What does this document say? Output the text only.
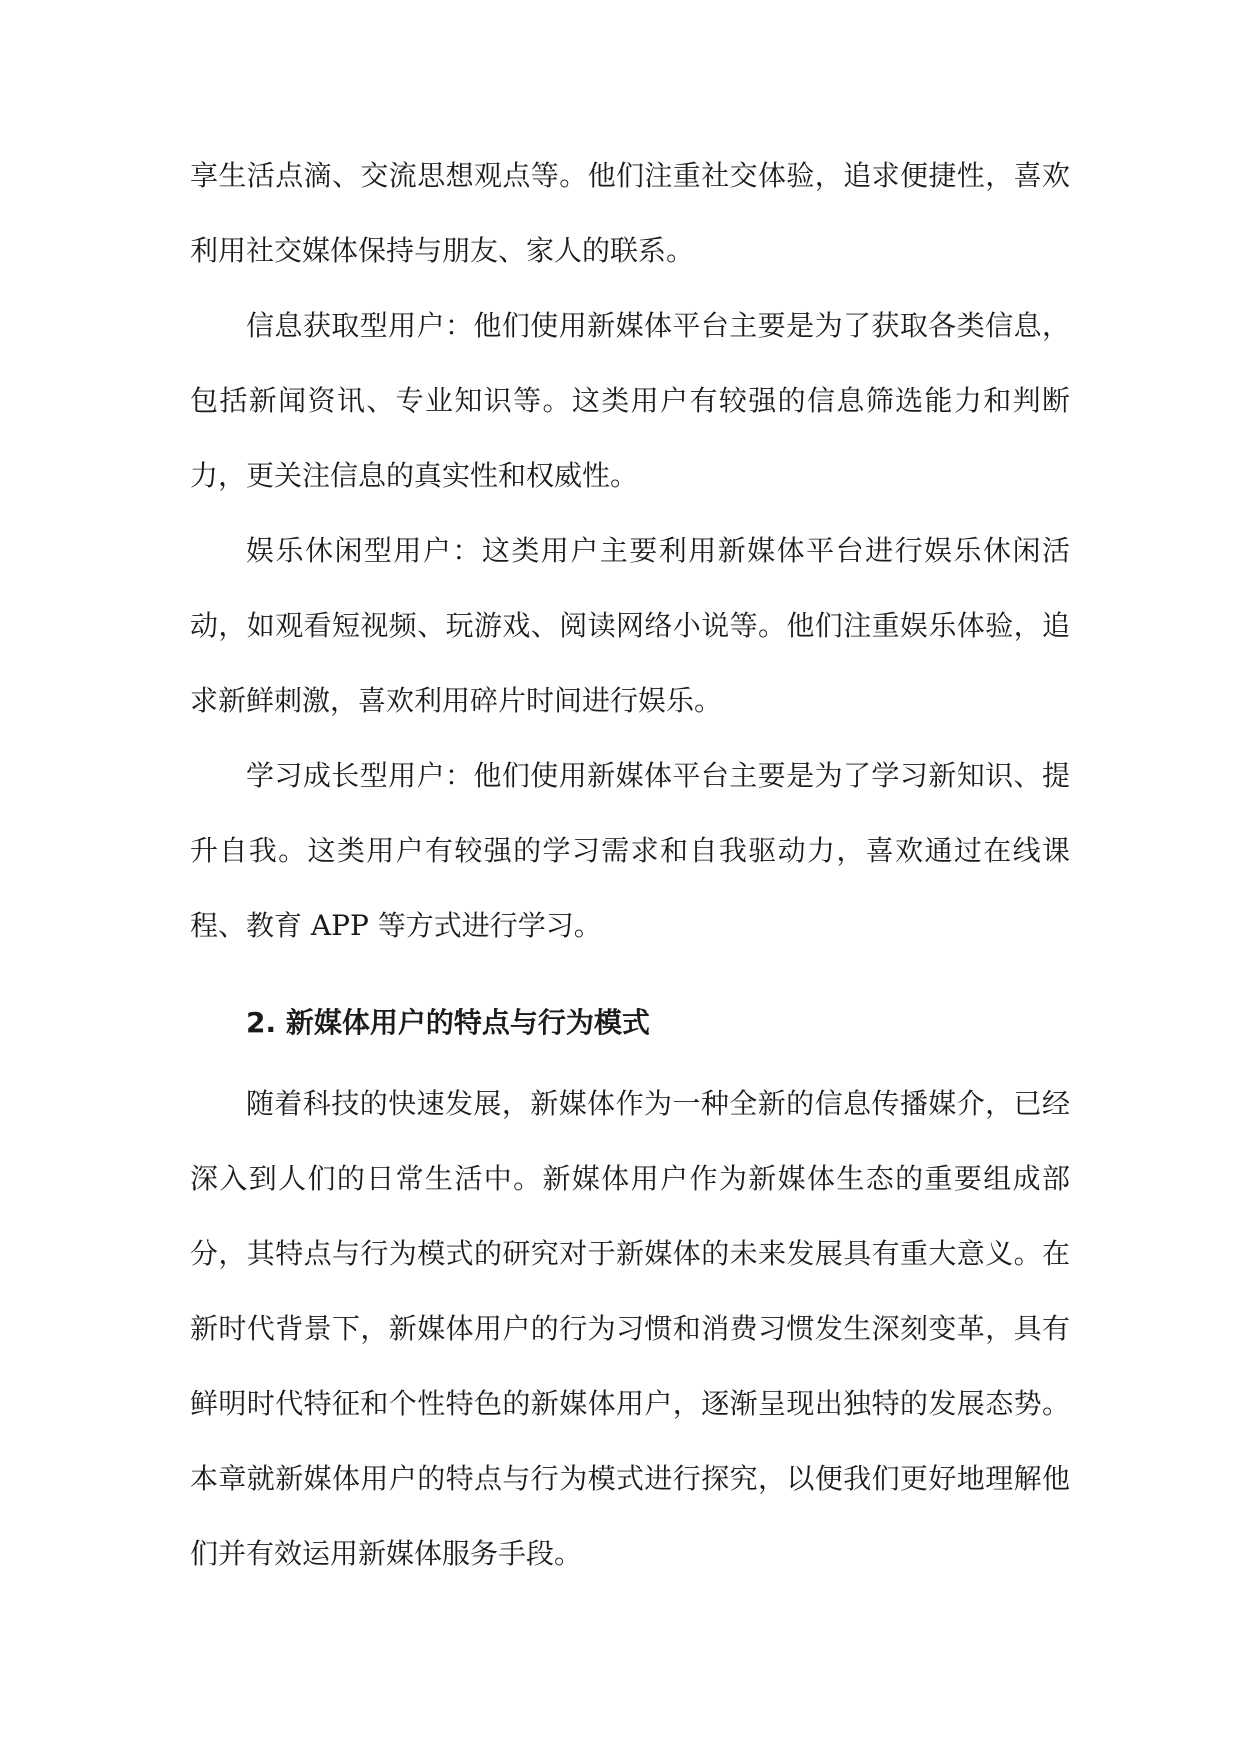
享生活点滴、交流思想观点等。他们注重社交体验，追求便捷性，喜欢利用社交媒体保持与朋友、家人的联系。

信息获取型用户：他们使用新媒体平台主要是为了获取各类信息，包括新闻资讯、专业知识等。这类用户有较强的信息筛选能力和判断力，更关注信息的真实性和权威性。

娱乐休闲型用户：这类用户主要利用新媒体平台进行娱乐休闲活动，如观看短视频、玩游戏、阅读网络小说等。他们注重娱乐体验，追求新鲜刺激，喜欢利用碎片时间进行娱乐。

学习成长型用户：他们使用新媒体平台主要是为了学习新知识、提升自我。这类用户有较强的学习需求和自我驱动力，喜欢通过在线课程、教育 APP 等方式进行学习。

2. 新媒体用户的特点与行为模式

随着科技的快速发展，新媒体作为一种全新的信息传播媒介，已经深入到人们的日常生活中。新媒体用户作为新媒体生态的重要组成部分，其特点与行为模式的研究对于新媒体的未来发展具有重大意义。在新时代背景下，新媒体用户的行为习惯和消费习惯发生深刻变革，具有鲜明时代特征和个性特色的新媒体用户，逐渐呈现出独特的发展态势。本章就新媒体用户的特点与行为模式进行探究，以便我们更好地理解他们并有效运用新媒体服务手段。
